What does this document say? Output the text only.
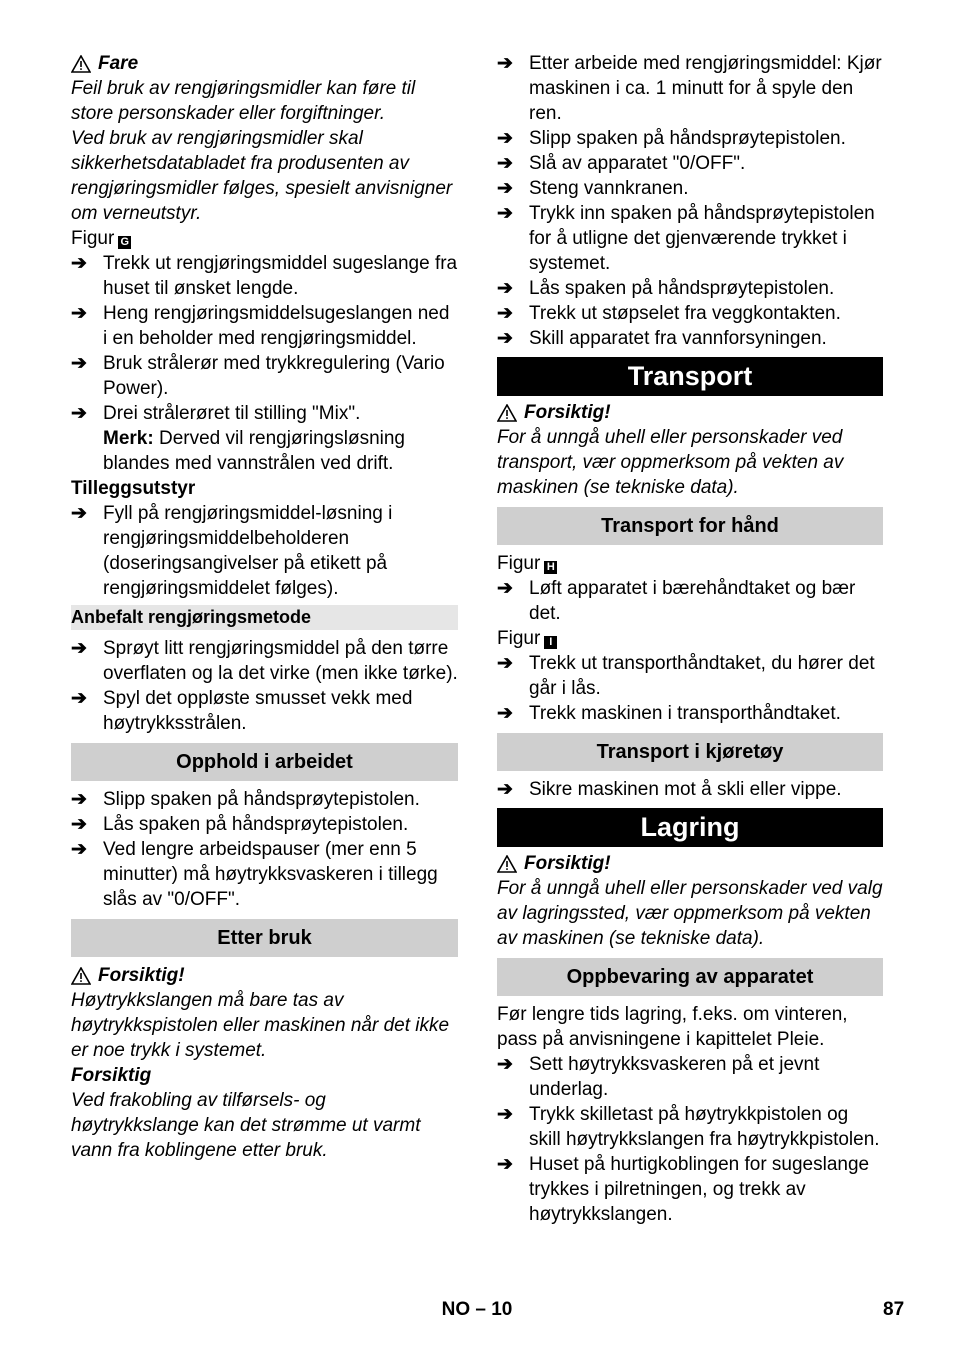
Fare

Feil bruk av rengjøringsmidler kan føre til store personskader eller forgiftninger.

Ved bruk av rengjøringsmidler skal sikkerhetsdatabladet fra produsenten av rengjøringsmidler følges, spesielt anvisnigner om verneutstyr.

Figur G

➔ Trekk ut rengjøringsmiddel sugeslange fra huset til ønsket lengde.
➔ Heng rengjøringsmiddelsugeslangen ned i en beholder med rengjøringsmiddel.
➔ Bruk strålerør med trykkregulering (Vario Power).
➔ Drei strålerøret til stilling "Mix".
Merk: Derved vil rengjøringsløsning blandes med vannstrålen ved drift.

Tilleggsutstyr

➔ Fyll på rengjøringsmiddel-løsning i rengjøringsmiddelbeholderen (doseringsangivelser på etikett på rengjøringsmiddelet følges).
Anbefalt rengjøringsmetode
➔ Sprøyt litt rengjøringsmiddel på den tørre overflaten og la det virke (men ikke tørke).
➔ Spyl det oppløste smusset vekk med høytrykksstrålen.
Opphold i arbeidet
➔ Slipp spaken på håndsprøytepistolen.
➔ Lås spaken på håndsprøytepistolen.
➔ Ved lengre arbeidspauser (mer enn 5 minutter) må høytrykksvaskeren i tillegg slås av "0/OFF".
Etter bruk
Forsiktig!

Høytrykkslangen må bare tas av høytrykkspistolen eller maskinen når det ikke er noe trykk i systemet.

Forsiktig

Ved frakobling av tilførsels- og høytrykkslange kan det strømme ut varmt vann fra koblingene etter bruk.

➔ Etter arbeide med rengjøringsmiddel: Kjør maskinen i ca. 1 minutt for å spyle den ren.
➔ Slipp spaken på håndsprøytepistolen.
➔ Slå av apparatet "0/OFF".
➔ Steng vannkranen.
➔ Trykk inn spaken på håndsprøytepistolen for å utligne det gjenværende trykket i systemet.
➔ Lås spaken på håndsprøytepistolen.
➔ Trekk ut støpselet fra veggkontakten.
➔ Skill apparatet fra vannforsyningen.
Transport
Forsiktig!

For å unngå uhell eller personskader ved transport, vær oppmerksom på vekten av maskinen (se tekniske data).

Transport for hånd

Figur H

➔ Løft apparatet i bærehåndtaket og bær det.

Figur I

➔ Trekk ut transporthåndtaket, du hører det går i lås.
➔ Trekk maskinen i transporthåndtaket.
Transport i kjøretøy
➔ Sikre maskinen mot å skli eller vippe.
Lagring
Forsiktig!

For å unngå uhell eller personskader ved valg av lagringssted, vær oppmerksom på vekten av maskinen (se tekniske data).

Oppbevaring av apparatet

Før lengre tids lagring, f.eks. om vinteren, pass på anvisningene i kapittelet Pleie.

➔ Sett høytrykksvaskeren på et jevnt underlag.
➔ Trykk skilletast på høytrykkpistolen og skill høytrykkslangen fra høytrykkpistolen.
➔ Huset på hurtigkoblingen for sugeslange trykkes i pilretningen, og trekk av høytrykkslangen.
NO – 10	87
